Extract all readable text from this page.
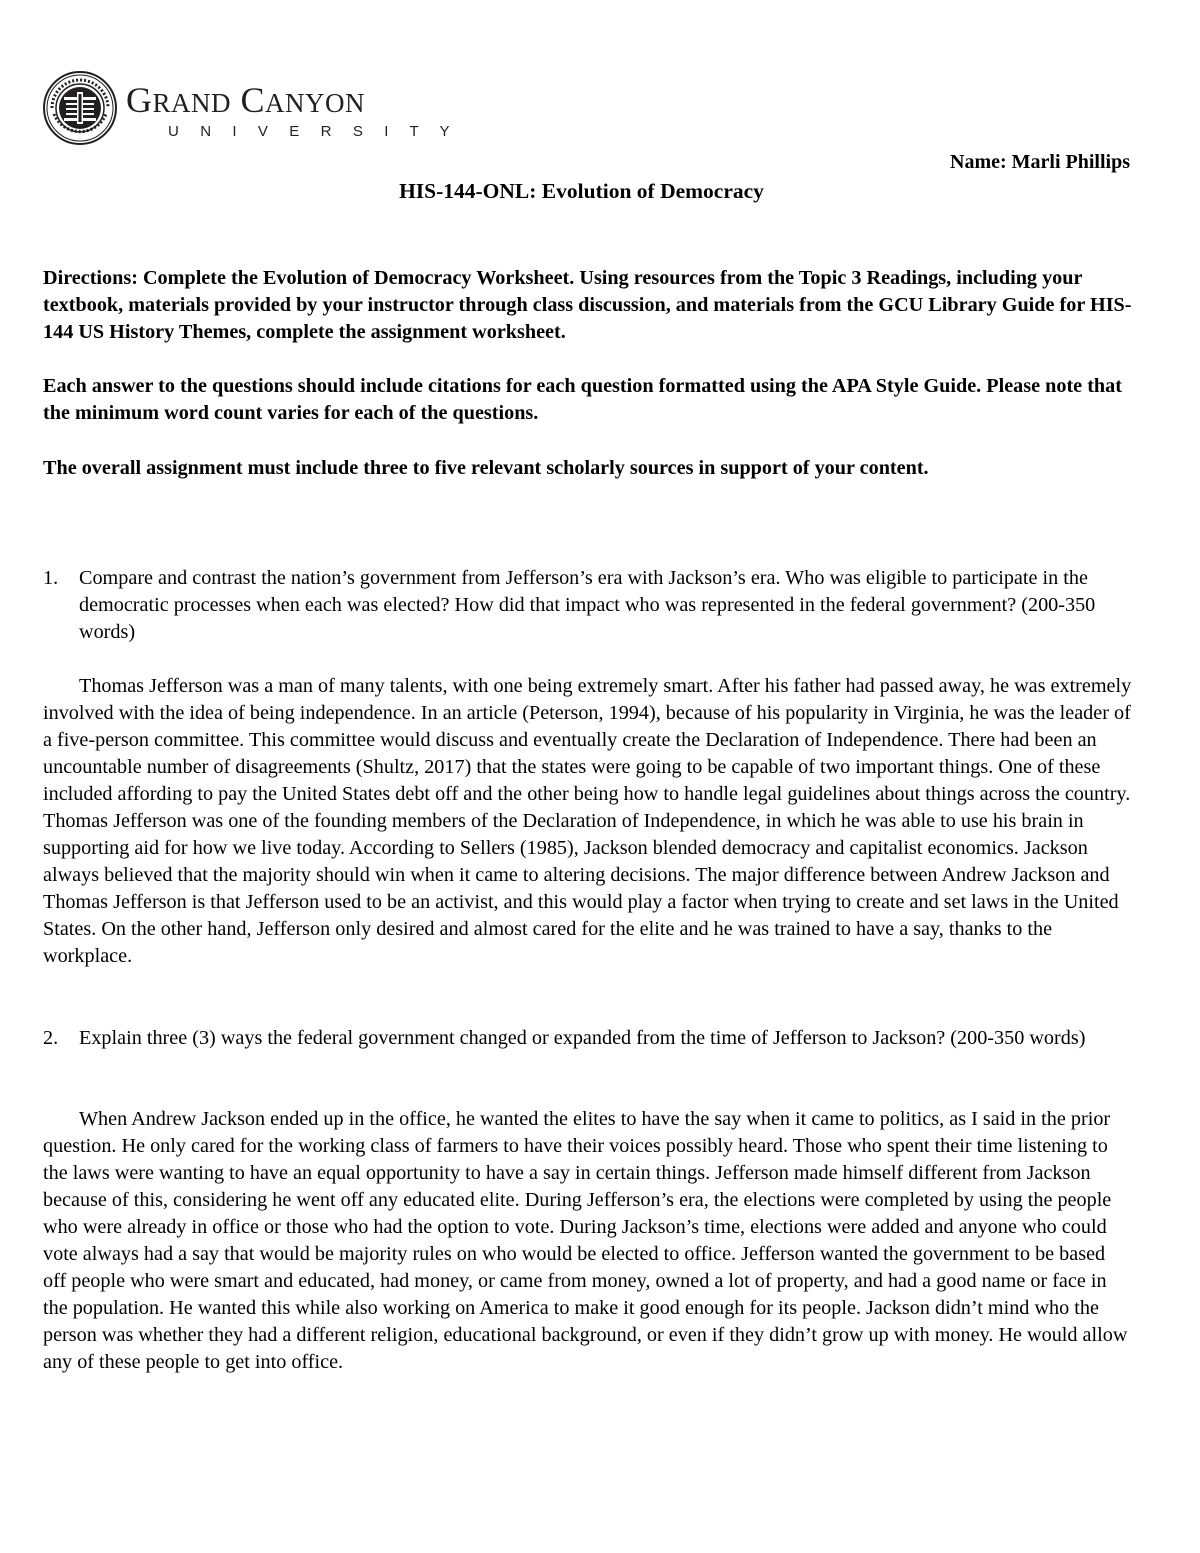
GRAND CANYON
U N I V E R S I T Y
Name: Marli Phillips
HIS-144-ONL: Evolution of Democracy

Directions: Complete the Evolution of Democracy Worksheet. Using resources from the Topic 3 Readings, including your textbook, materials provided by your instructor through class discussion, and materials from the GCU Library Guide for HIS-144 US History Themes, complete the assignment worksheet.

Each answer to the questions should include citations for each question formatted using the APA Style Guide. Please note that the minimum word count varies for each of the questions.

The overall assignment must include three to five relevant scholarly sources in support of your content.

1. Compare and contrast the nation’s government from Jefferson’s era with Jackson’s era. Who was eligible to participate in the democratic processes when each was elected? How did that impact who was represented in the federal government? (200-350 words)

Thomas Jefferson was a man of many talents, with one being extremely smart. After his father had passed away, he was extremely involved with the idea of being independence. In an article (Peterson, 1994), because of his popularity in Virginia, he was the leader of a five-person committee. This committee would discuss and eventually create the Declaration of Independence. There had been an uncountable number of disagreements (Shultz, 2017) that the states were going to be capable of two important things. One of these included affording to pay the United States debt off and the other being how to handle legal guidelines about things across the country. Thomas Jefferson was one of the founding members of the Declaration of Independence, in which he was able to use his brain in supporting aid for how we live today. According to Sellers (1985), Jackson blended democracy and capitalist economics. Jackson always believed that the majority should win when it came to altering decisions. The major difference between Andrew Jackson and Thomas Jefferson is that Jefferson used to be an activist, and this would play a factor when trying to create and set laws in the United States. On the other hand, Jefferson only desired and almost cared for the elite and he was trained to have a say, thanks to the workplace.

2. Explain three (3) ways the federal government changed or expanded from the time of Jefferson to Jackson? (200-350 words)

When Andrew Jackson ended up in the office, he wanted the elites to have the say when it came to politics, as I said in the prior question. He only cared for the working class of farmers to have their voices possibly heard. Those who spent their time listening to the laws were wanting to have an equal opportunity to have a say in certain things. Jefferson made himself different from Jackson because of this, considering he went off any educated elite. During Jefferson’s era, the elections were completed by using the people who were already in office or those who had the option to vote. During Jackson’s time, elections were added and anyone who could vote always had a say that would be majority rules on who would be elected to office. Jefferson wanted the government to be based off people who were smart and educated, had money, or came from money, owned a lot of property, and had a good name or face in the population. He wanted this while also working on America to make it good enough for its people. Jackson didn’t mind who the person was whether they had a different religion, educational background, or even if they didn’t grow up with money. He would allow any of these people to get into office.
